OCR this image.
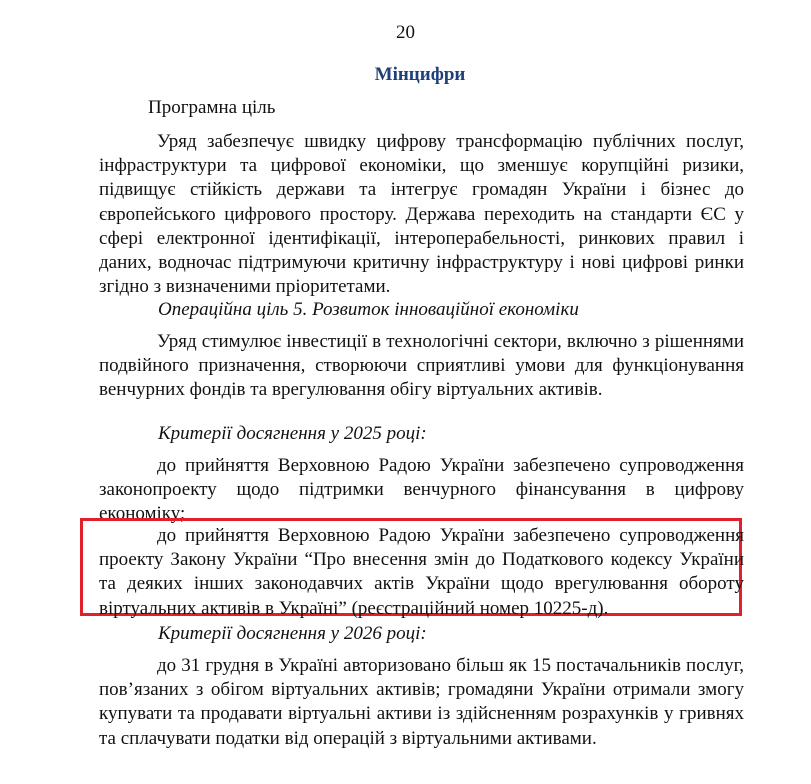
20
Мінцифри
Програмна ціль
Уряд забезпечує швидку цифрову трансформацію публічних послуг, інфраструктури та цифрової економіки, що зменшує корупційні ризики, підвищує стійкість держави та інтегрує громадян України і бізнес до європейського цифрового простору. Держава переходить на стандарти ЄС у сфері електронної ідентифікації, інтероперабельності, ринкових правил і даних, водночас підтримуючи критичну інфраструктуру і нові цифрові ринки згідно з визначеними пріоритетами.
Операційна ціль 5. Розвиток інноваційної економіки
Уряд стимулює інвестиції в технологічні сектори, включно з рішеннями подвійного призначення, створюючи сприятливі умови для функціонування венчурних фондів та врегулювання обігу віртуальних активів.
Критерії досягнення у 2025 році:
до прийняття Верховною Радою України забезпечено супроводження законопроекту щодо підтримки венчурного фінансування в цифрову економіку;
до прийняття Верховною Радою України забезпечено супроводження проекту Закону України “Про внесення змін до Податкового кодексу України та деяких інших законодавчих актів України щодо врегулювання обороту віртуальних активів в Україні” (реєстраційний номер 10225-д).
Критерії досягнення у 2026 році:
до 31 грудня в Україні авторизовано більш як 15 постачальників послуг, пов’язаних з обігом віртуальних активів; громадяни України отримали змогу купувати та продавати віртуальні активи із здійсненням розрахунків у гривнях та сплачувати податки від операцій з віртуальними активами.
